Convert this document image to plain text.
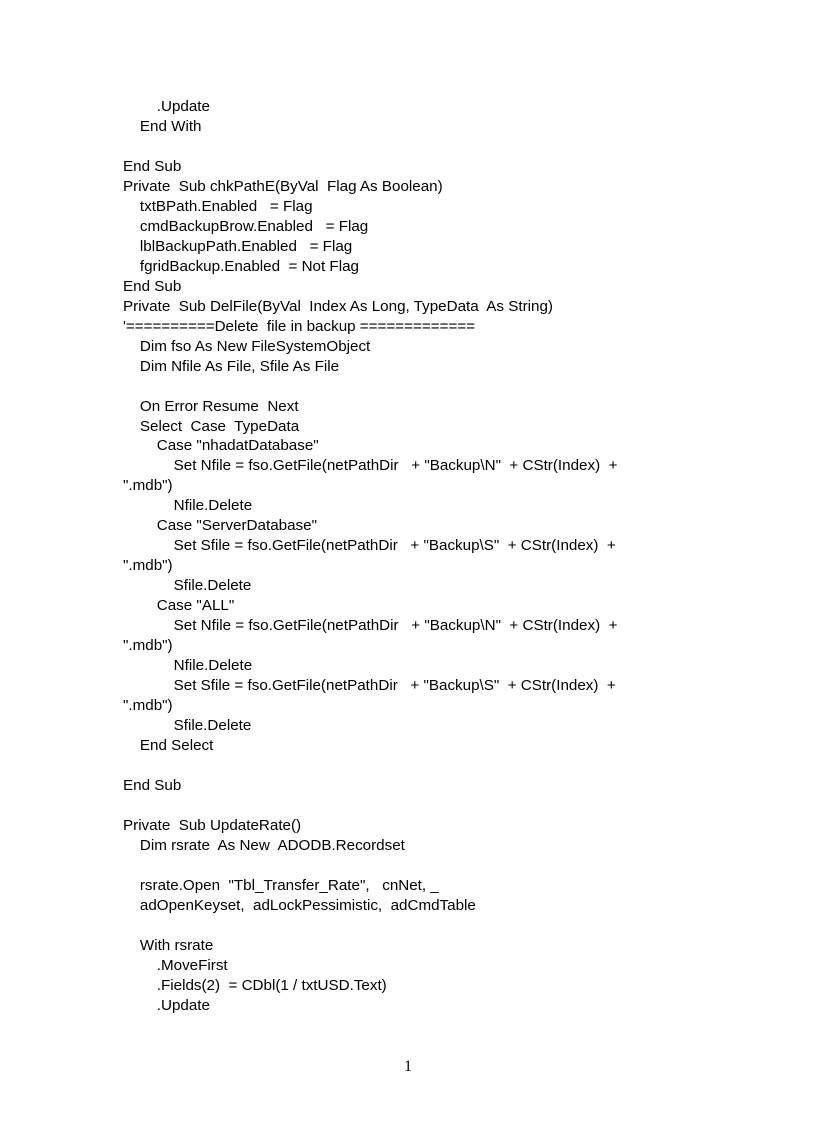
.Update
End With

End Sub
Private  Sub chkPathE(ByVal  Flag As Boolean)
txtBPath.Enabled   = Flag
cmdBackupBrow.Enabled   = Flag
lblBackupPath.Enabled   = Flag
fgridBackup.Enabled  = Not Flag
End Sub
Private  Sub DelFile(ByVal  Index As Long, TypeData  As String)
'==========Delete  file in backup =============
Dim fso As New FileSystemObject
Dim Nfile As File, Sfile As File

On Error Resume  Next
Select  Case  TypeData
Case "nhadatDatabase"
Set Nfile = fso.GetFile(netPathDir   + "Backup\N"  + CStr(Index)  +
".mdb")
Nfile.Delete
Case "ServerDatabase"
Set Sfile = fso.GetFile(netPathDir   + "Backup\S"  + CStr(Index)  +
".mdb")
Sfile.Delete
Case "ALL"
Set Nfile = fso.GetFile(netPathDir   + "Backup\N"  + CStr(Index)  +
".mdb")
Nfile.Delete
Set Sfile = fso.GetFile(netPathDir   + "Backup\S"  + CStr(Index)  +
".mdb")
Sfile.Delete
End Select

End Sub

Private  Sub UpdateRate()
Dim rsrate  As New  ADODB.Recordset

rsrate.Open  "Tbl_Transfer_Rate",   cnNet, _
adOpenKeyset,  adLockPessimistic,  adCmdTable

With rsrate
.MoveFirst
.Fields(2)  = CDbl(1 / txtUSD.Text)
.Update
1
